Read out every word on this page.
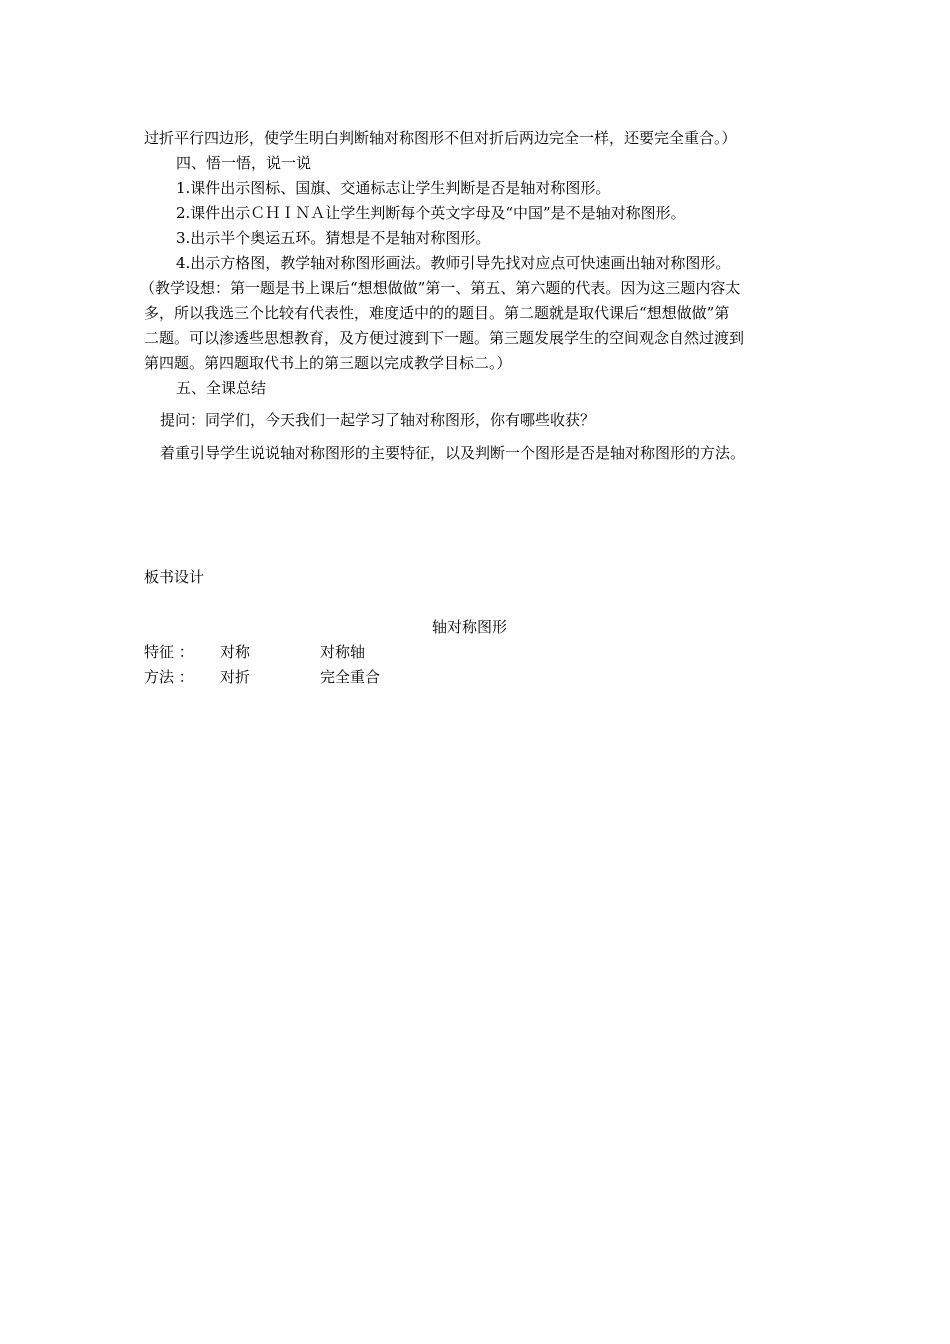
过折平行四边形，使学生明白判断轴对称图形不但对折后两边完全一样，还要完全重合。）
四、悟一悟，说一说
1.课件出示图标、国旗、交通标志让学生判断是否是轴对称图形。
2.课件出示ＣＨＩＮＡ让学生判断每个英文字母及“中国”是不是轴对称图形。
3.出示半个奥运五环。猜想是不是轴对称图形。
4.出示方格图，教学轴对称图形画法。教师引导先找对应点可快速画出轴对称图形。
（教学设想：第一题是书上课后“想想做做”第一、第五、第六题的代表。因为这三题内容太
多，所以我选三个比较有代表性，难度适中的的题目。第二题就是取代课后“想想做做”第
二题。可以渗透些思想教育，及方便过渡到下一题。第三题发展学生的空间观念自然过渡到
第四题。第四题取代书上的第三题以完成教学目标二。）
五、全课总结
提问：同学们，今天我们一起学习了轴对称图形，你有哪些收获？
着重引导学生说说轴对称图形的主要特征，以及判断一个图形是否是轴对称图形的方法。
板书设计
轴对称图形
特征 ： 对称	对称轴
方法 ： 对折	完全重合
